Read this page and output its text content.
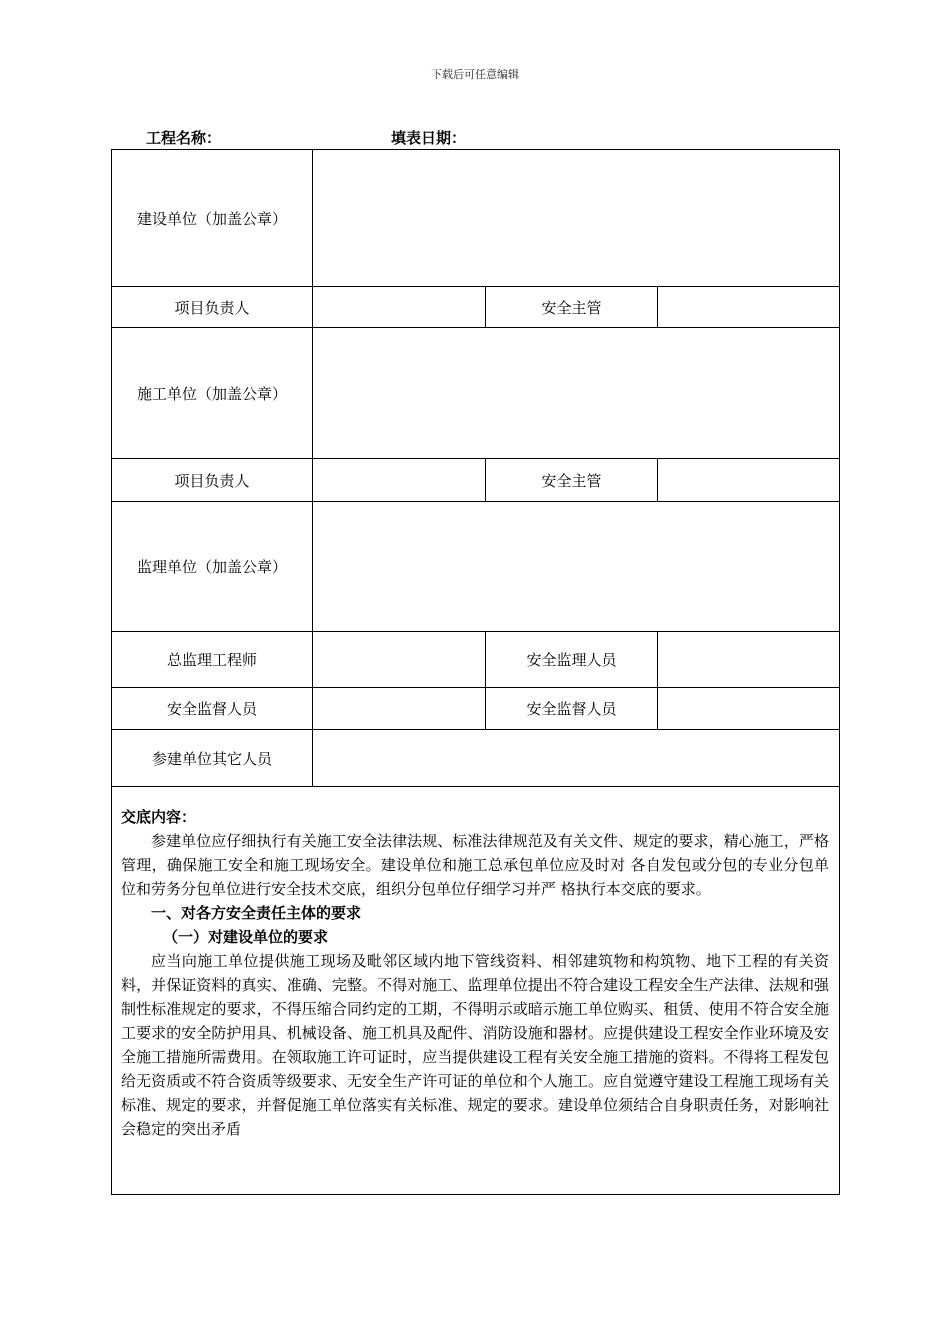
下载后可任意编辑
工程名称：	填表日期：
建设单位（加盖公章）			
项目负责人		安全主管	
施工单位（加盖公章）			
项目负责人		安全主管	
监理单位（加盖公章）			
总监理工程师		安全监理人员	
安全监督人员		安全监督人员	
参建单位其它人员			

交底内容：

参建单位应仔细执行有关施工安全法律法规、标准法律规范及有关文件、规定的要求，精心施工，严格管理，确保施工安全和施工现场安全。建设单位和施工总承包单位应及时对 各自发包或分包的专业分包单位和劳务分包单位进行安全技术交底，组织分包单位仔细学习并严 格执行本交底的要求。

一、对各方安全责任主体的要求

（一）对建设单位的要求

应当向施工单位提供施工现场及毗邻区域内地下管线资料、相邻建筑物和构筑物、地下工程的有关资料，并保证资料的真实、准确、完整。不得对施工、监理单位提出不符合建设工程安全生产法律、法规和强制性标准规定的要求，不得压缩合同约定的工期，不得明示或暗示施工单位购买、租赁、使用不符合安全施工要求的安全防护用具、机械设备、施工机具及配件、消防设施和器材。应提供建设工程安全作业环境及安全施工措施所需费用。在领取施工许可证时，应当提供建设工程有关安全施工措施的资料。不得将工程发包给无资质或不符合资质等级要求、无安全生产许可证的单位和个人施工。应自觉遵守建设工程施工现场有关标准、规定的要求，并督促施工单位落实有关标准、规定的要求。建设单位须结合自身职责任务，对影响社会稳定的突出矛盾			
